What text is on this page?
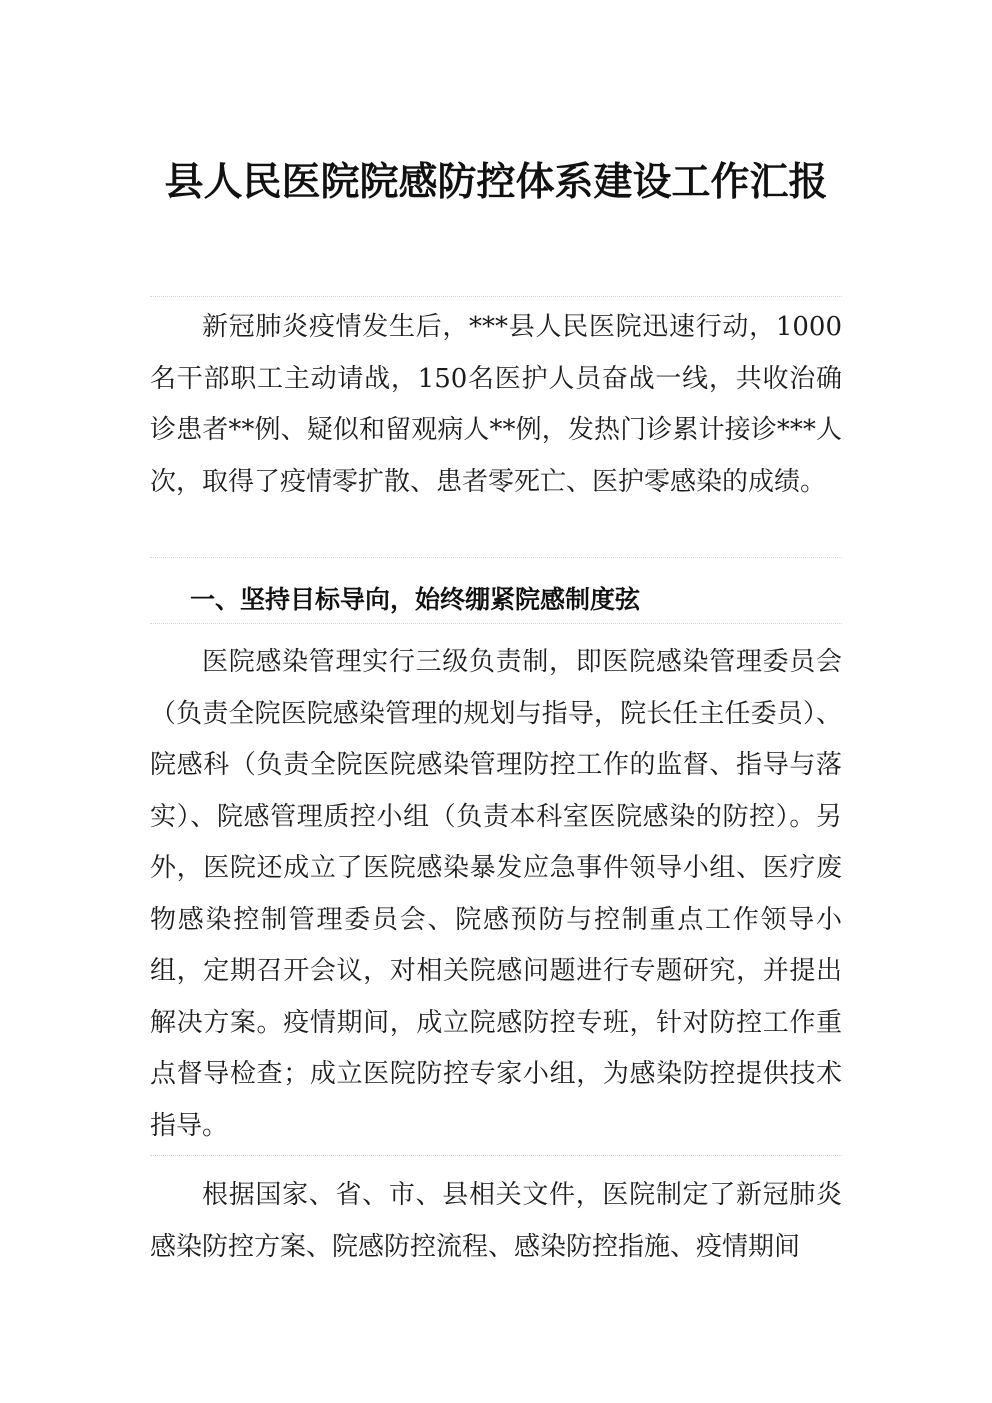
县人民医院院感防控体系建设工作汇报

新冠肺炎疫情发生后，***县人民医院迅速行动，1000名干部职工主动请战，150名医护人员奋战一线，共收治确诊患者**例、疑似和留观病人**例，发热门诊累计接诊***人次，取得了疫情零扩散、患者零死亡、医护零感染的成绩。

一、坚持目标导向，始终绷紧院感制度弦

医院感染管理实行三级负责制，即医院感染管理委员会（负责全院医院感染管理的规划与指导，院长任主任委员）、院感科（负责全院医院感染管理防控工作的监督、指导与落实）、院感管理质控小组（负责本科室医院感染的防控）。另外，医院还成立了医院感染暴发应急事件领导小组、医疗废物感染控制管理委员会、院感预防与控制重点工作领导小组，定期召开会议，对相关院感问题进行专题研究，并提出解决方案。疫情期间，成立院感防控专班，针对防控工作重点督导检查；成立医院防控专家小组，为感染防控提供技术指导。

根据国家、省、市、县相关文件，医院制定了新冠肺炎感染防控方案、院感防控流程、感染防控指施、疫情期间
